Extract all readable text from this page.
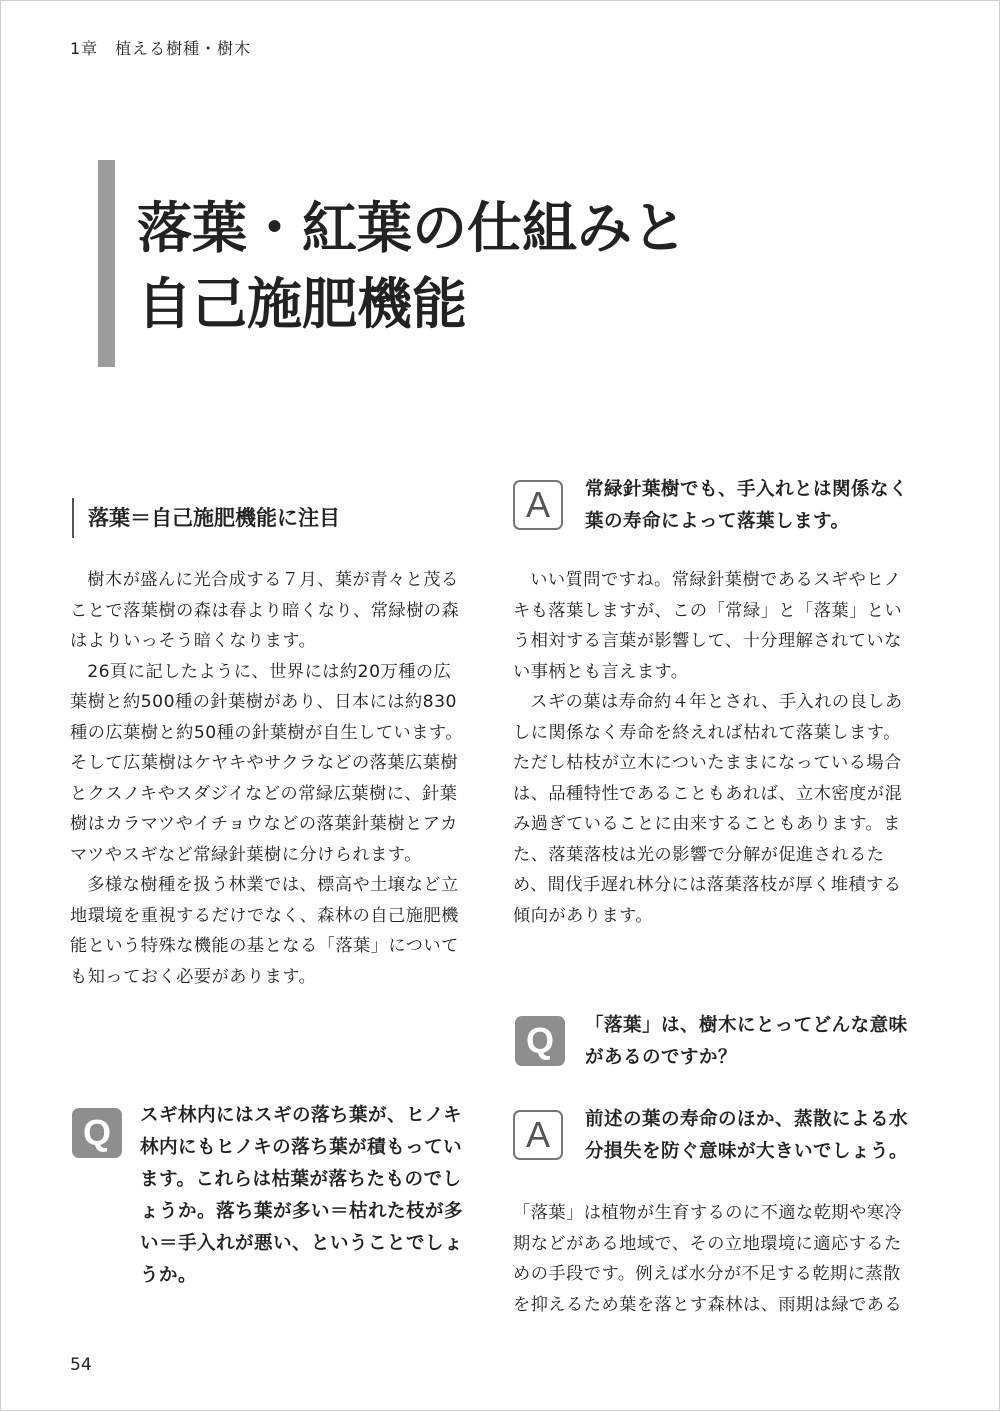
1章　植える樹種・樹木
落葉・紅葉の仕組みと
自己施肥機能
落葉＝自己施肥機能に注目

樹木が盛んに光合成する７月、葉が青々と茂ることで落葉樹の森は春より暗くなり、常緑樹の森はよりいっそう暗くなります。

26頁に記したように、世界には約20万種の広葉樹と約500種の針葉樹があり、日本には約830種の広葉樹と約50種の針葉樹が自生しています。そして広葉樹はケヤキやサクラなどの落葉広葉樹とクスノキやスダジイなどの常緑広葉樹に、針葉樹はカラマツやイチョウなどの落葉針葉樹とアカマツやスギなど常緑針葉樹に分けられます。

多様な樹種を扱う林業では、標高や土壌など立地環境を重視するだけでなく、森林の自己施肥機能という特殊な機能の基となる「落葉」についても知っておく必要があります。

Q	スギ林内にはスギの落ち葉が、ヒノキ林内にもヒノキの落ち葉が積もっています。これらは枯葉が落ちたものでしょうか。落ち葉が多い＝枯れた枝が多い＝手入れが悪い、ということでしょうか。

A	常緑針葉樹でも、手入れとは関係なく葉の寿命によって落葉します。

いい質問ですね。常緑針葉樹であるスギやヒノキも落葉しますが、この「常緑」と「落葉」という相対する言葉が影響して、十分理解されていない事柄とも言えます。

スギの葉は寿命約４年とされ、手入れの良しあしに関係なく寿命を終えれば枯れて落葉します。ただし枯枝が立木についたままになっている場合は、品種特性であることもあれば、立木密度が混み過ぎていることに由来することもあります。また、落葉落枝は光の影響で分解が促進されるため、間伐手遅れ林分には落葉落枝が厚く堆積する傾向があります。

Q	「落葉」は、樹木にとってどんな意味があるのですか？

A	前述の葉の寿命のほか、蒸散による水分損失を防ぐ意味が大きいでしょう。

「落葉」は植物が生育するのに不適な乾期や寒冷期などがある地域で、その立地環境に適応するための手段です。例えば水分が不足する乾期に蒸散を抑えるため葉を落とす森林は、雨期は緑である

54
